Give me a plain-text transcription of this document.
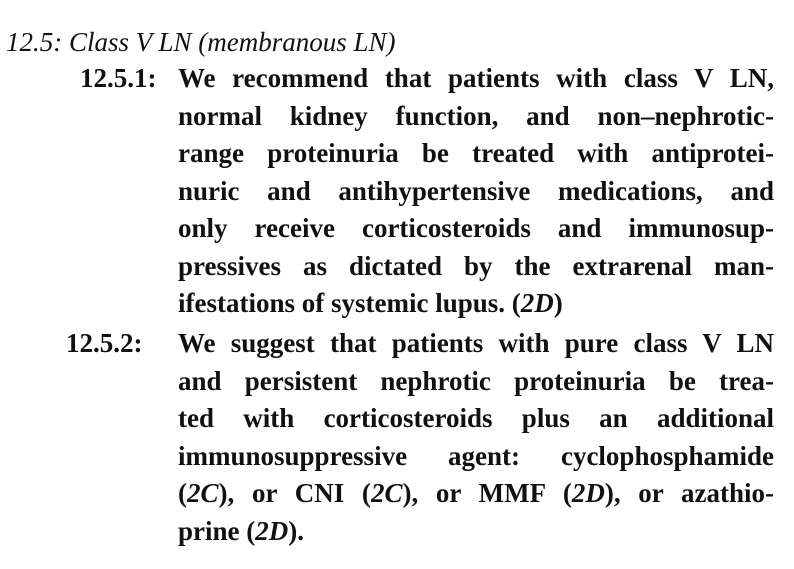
12.5: Class V LN (membranous LN)
12.5.1: We recommend that patients with class V LN,
normal kidney function, and non–nephrotic-
range proteinuria be treated with antiprotei-
nuric and antihypertensive medications, and
only receive corticosteroids and immunosup-
pressives as dictated by the extrarenal man-
ifestations of systemic lupus. (2D)
12.5.2: We suggest that patients with pure class V LN
and persistent nephrotic proteinuria be trea-
ted with corticosteroids plus an additional
immunosuppressive agent: cyclophosphamide
(2C), or CNI (2C), or MMF (2D), or azathio-
prine (2D).
